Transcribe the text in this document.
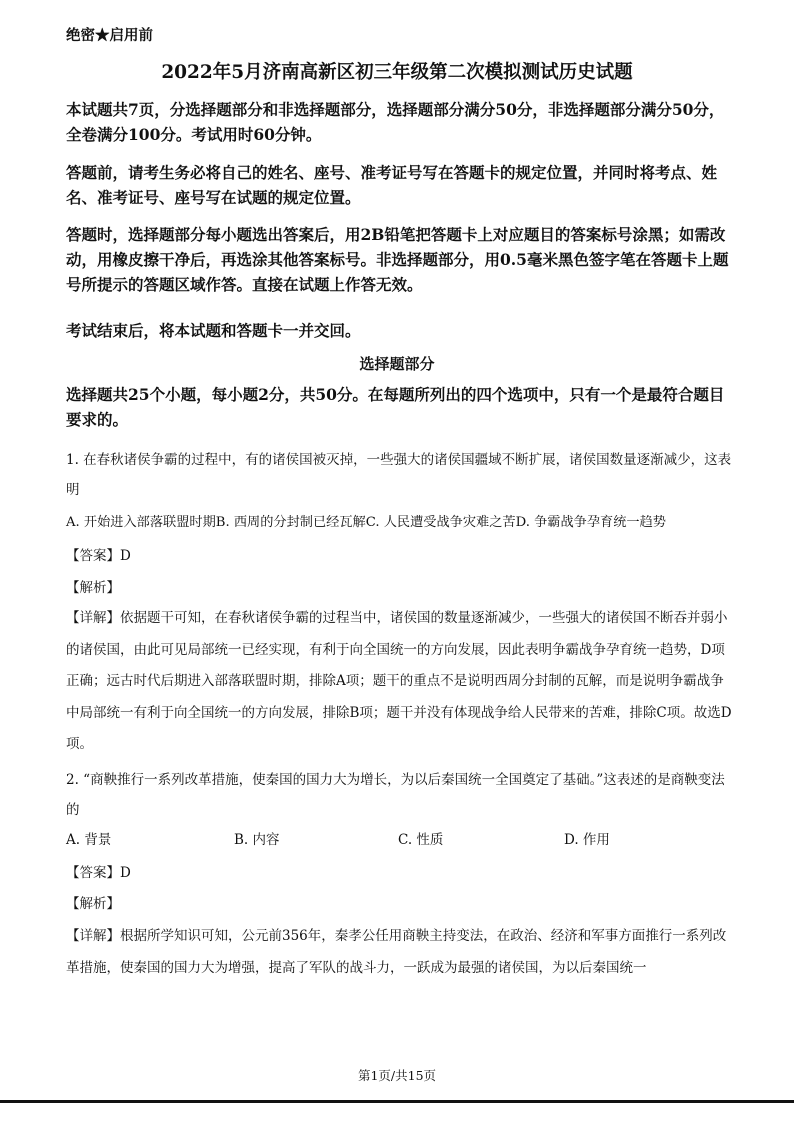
绝密★启用前

2022年5月济南高新区初三年级第二次模拟测试历史试题

本试题共7页，分选择题部分和非选择题部分，选择题部分满分50分，非选择题部分满分50分，全卷满分100分。考试用时60分钟。

答题前，请考生务必将自己的姓名、座号、准考证号写在答题卡的规定位置，并同时将考点、姓名、准考证号、座号写在试题的规定位置。

答题时，选择题部分每小题选出答案后，用2B铅笔把答题卡上对应题目的答案标号涂黑；如需改动，用橡皮擦干净后，再选涂其他答案标号。非选择题部分，用0.5毫米黑色签字笔在答题卡上题号所提示的答题区域作答。直接在试题上作答无效。

考试结束后，将本试题和答题卡一并交回。

选择题部分

选择题共25个小题，每小题2分，共50分。在每题所列出的四个选项中，只有一个是最符合题目要求的。

1. 在春秋诸侯争霸的过程中，有的诸侯国被灭掉，一些强大的诸侯国疆域不断扩展，诸侯国数量逐渐减少，这表明

A. 开始进入部落联盟时期B. 西周的分封制已经瓦解C. 人民遭受战争灾难之苦D. 争霸战争孕育统一趋势

【答案】D

【解析】

【详解】依据题干可知，在春秋诸侯争霸的过程当中，诸侯国的数量逐渐减少，一些强大的诸侯国不断吞并弱小的诸侯国，由此可见局部统一已经实现，有利于向全国统一的方向发展，因此表明争霸战争孕育统一趋势，D项正确；远古时代后期进入部落联盟时期，排除A项；题干的重点不是说明西周分封制的瓦解，而是说明争霸战争中局部统一有利于向全国统一的方向发展，排除B项；题干并没有体现战争给人民带来的苦难，排除C项。故选D项。

2. “商鞅推行一系列改革措施，使秦国的国力大为增长，为以后秦国统一全国奠定了基础。”这表述的是商鞅变法的

A. 背景	B. 内容	C. 性质	D. 作用

【答案】D

【解析】

【详解】根据所学知识可知，公元前356年，秦孝公任用商鞅主持变法，在政治、经济和军事方面推行一系列改革措施，使秦国的国力大为增强，提高了军队的战斗力，一跃成为最强的诸侯国，为以后秦国统一

第1页/共15页
